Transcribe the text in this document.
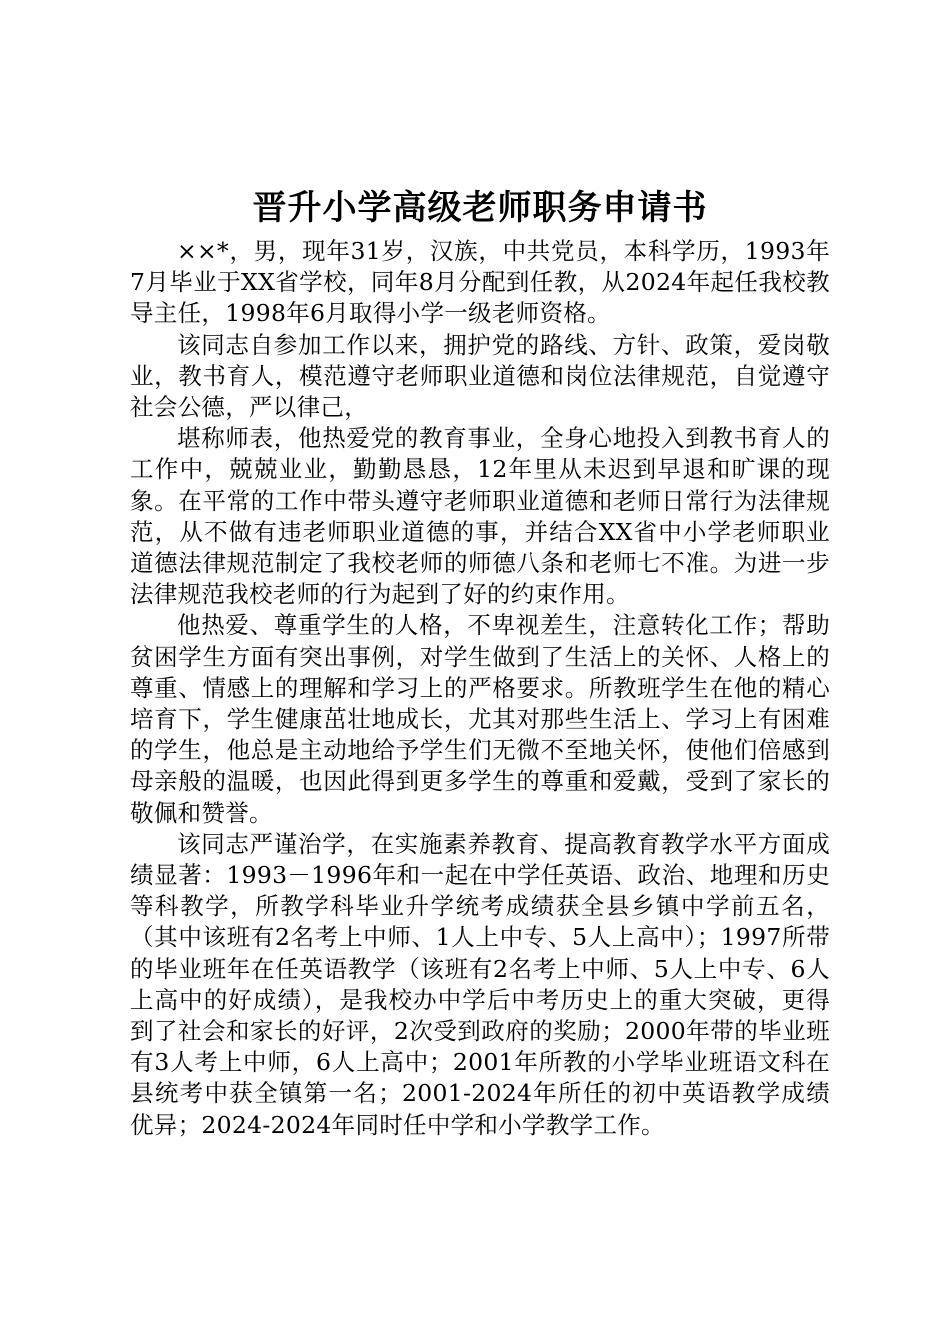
晋升小学高级老师职务申请书

××*，男，现年31岁，汉族，中共党员，本科学历，1993年7月毕业于XX省学校，同年8月分配到任教，从2024年起任我校教导主任，1998年6月取得小学一级老师资格。

该同志自参加工作以来，拥护党的路线、方针、政策，爱岗敬业，教书育人，模范遵守老师职业道德和岗位法律规范，自觉遵守社会公德，严以律己，

堪称师表，他热爱党的教育事业，全身心地投入到教书育人的工作中，兢兢业业，勤勤恳恳，12年里从未迟到早退和旷课的现象。在平常的工作中带头遵守老师职业道德和老师日常行为法律规范，从不做有违老师职业道德的事，并结合XX省中小学老师职业道德法律规范制定了我校老师的师德八条和老师七不准。为进一步法律规范我校老师的行为起到了好的约束作用。

他热爱、尊重学生的人格，不卑视差生，注意转化工作；帮助贫困学生方面有突出事例，对学生做到了生活上的关怀、人格上的尊重、情感上的理解和学习上的严格要求。所教班学生在他的精心培育下，学生健康茁壮地成长，尤其对那些生活上、学习上有困难的学生，他总是主动地给予学生们无微不至地关怀，使他们倍感到母亲般的温暖，也因此得到更多学生的尊重和爱戴，受到了家长的敬佩和赞誉。

该同志严谨治学，在实施素养教育、提高教育教学水平方面成绩显著：1993－1996年和一起在中学任英语、政治、地理和历史等科教学，所教学科毕业升学统考成绩获全县乡镇中学前五名，（其中该班有2名考上中师、1人上中专、5人上高中）；1997所带的毕业班年在任英语教学（该班有2名考上中师、5人上中专、6人上高中的好成绩），是我校办中学后中考历史上的重大突破，更得到了社会和家长的好评，2次受到政府的奖励；2000年带的毕业班有3人考上中师，6人上高中；2001年所教的小学毕业班语文科在县统考中获全镇第一名；2001-2024年所任的初中英语教学成绩优异；2024-2024年同时任中学和小学教学工作。
